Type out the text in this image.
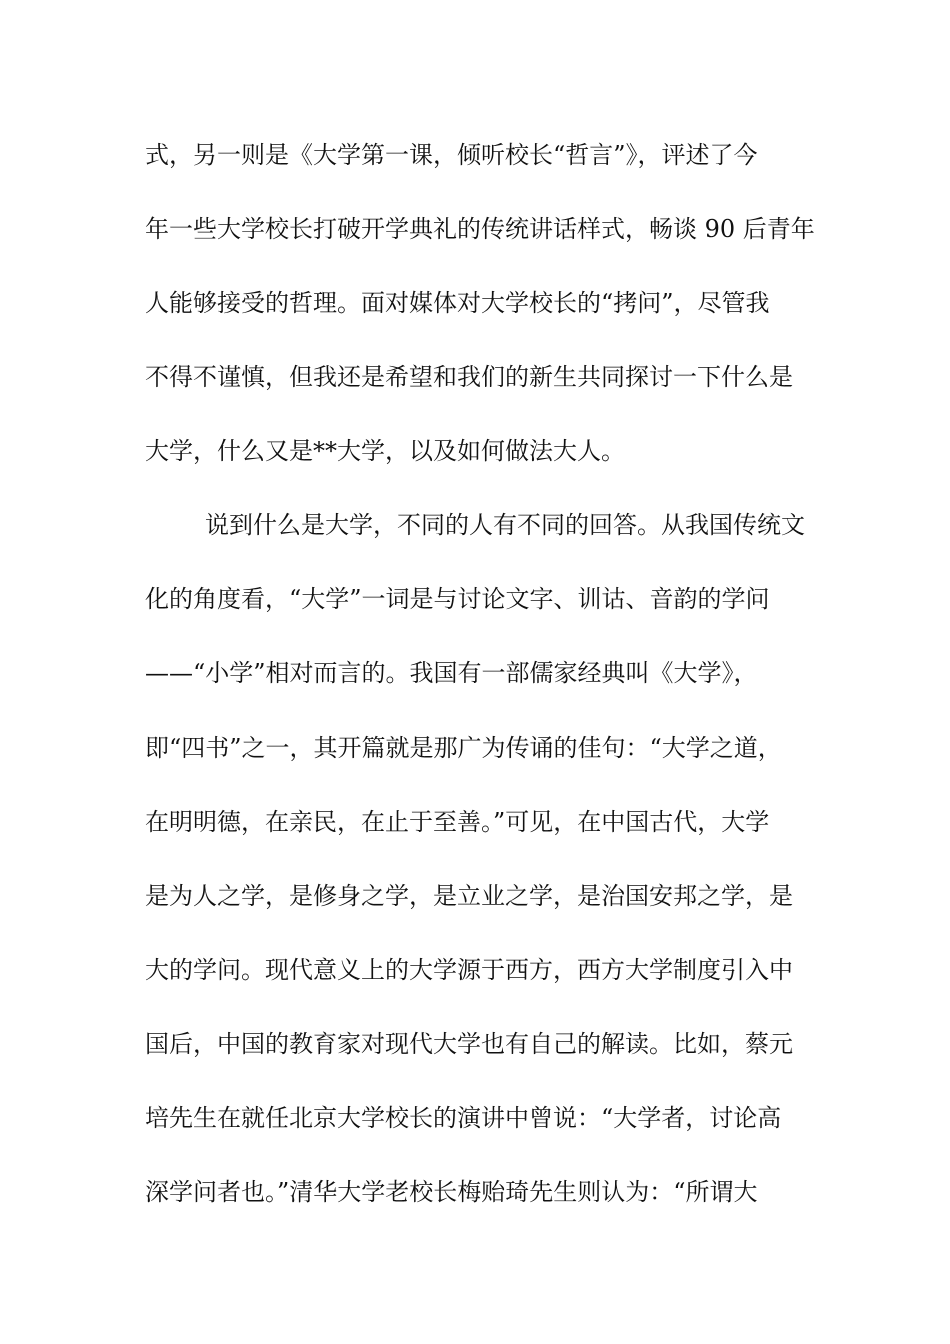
式，另一则是《大学第一课，倾听校长“哲言”》，评述了今
年一些大学校长打破开学典礼的传统讲话样式，畅谈 90 后青年
人能够接受的哲理。面对媒体对大学校长的“拷问”，尽管我
不得不谨慎，但我还是希望和我们的新生共同探讨一下什么是
大学，什么又是**大学，以及如何做法大人。
说到什么是大学，不同的人有不同的回答。从我国传统文
化的角度看，“大学”一词是与讨论文字、训诂、音韵的学问
——“小学”相对而言的。我国有一部儒家经典叫《大学》，
即“四书”之一，其开篇就是那广为传诵的佳句：“大学之道，
在明明德，在亲民，在止于至善。”可见，在中国古代，大学
是为人之学，是修身之学，是立业之学，是治国安邦之学，是
大的学问。现代意义上的大学源于西方，西方大学制度引入中
国后，中国的教育家对现代大学也有自己的解读。比如，蔡元
培先生在就任北京大学校长的演讲中曾说：“大学者，讨论高
深学问者也。”清华大学老校长梅贻琦先生则认为：“所谓大
